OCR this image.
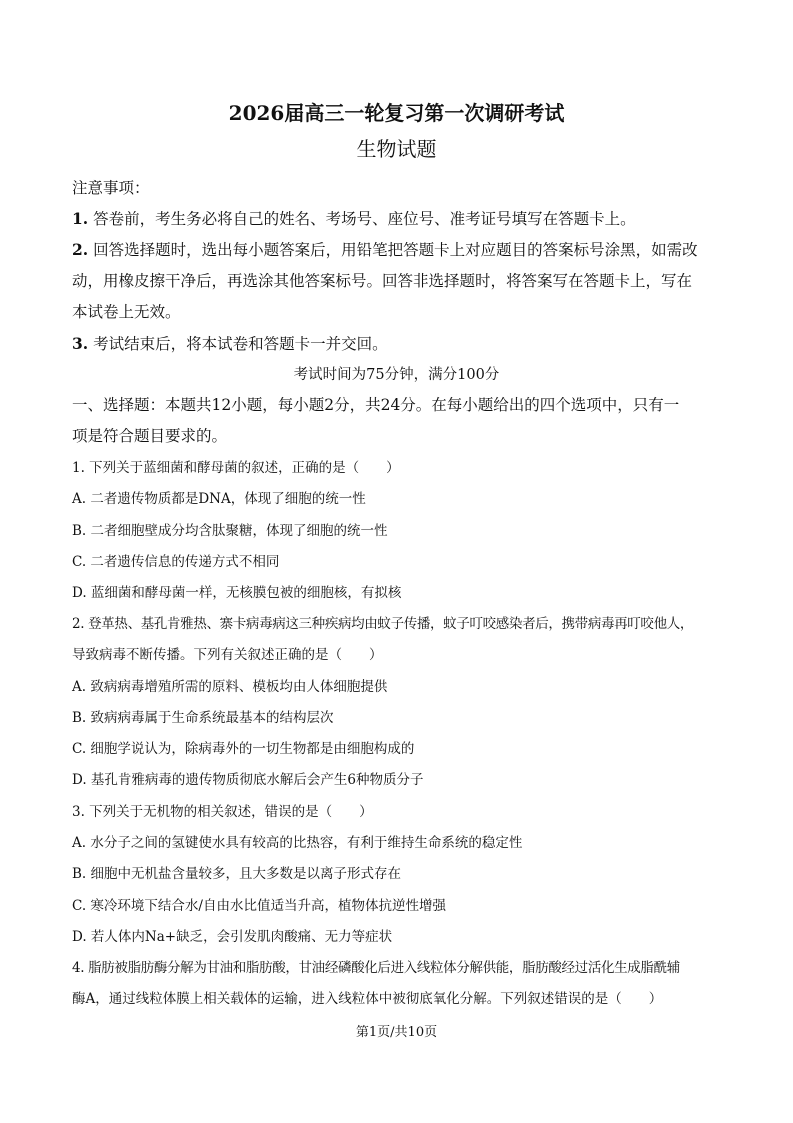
2026届高三一轮复习第一次调研考试
生物试题
注意事项：
1. 答卷前，考生务必将自己的姓名、考场号、座位号、准考证号填写在答题卡上。
2. 回答选择题时，选出每小题答案后，用铅笔把答题卡上对应题目的答案标号涂黑，如需改
动，用橡皮擦干净后，再选涂其他答案标号。回答非选择题时，将答案写在答题卡上，写在
本试卷上无效。
3. 考试结束后，将本试卷和答题卡一并交回。
考试时间为75分钟，满分100分
一、选择题：本题共12小题，每小题2分，共24分。在每小题给出的四个选项中，只有一
项是符合题目要求的。
1. 下列关于蓝细菌和酵母菌的叙述，正确的是（　　）
A. 二者遗传物质都是DNA，体现了细胞的统一性
B. 二者细胞壁成分均含肽聚糖，体现了细胞的统一性
C. 二者遗传信息的传递方式不相同
D. 蓝细菌和酵母菌一样，无核膜包被的细胞核，有拟核
2. 登革热、基孔肯雅热、寨卡病毒病这三种疾病均由蚊子传播，蚊子叮咬感染者后，携带病毒再叮咬他人，
导致病毒不断传播。下列有关叙述正确的是（　　）
A. 致病病毒增殖所需的原料、模板均由人体细胞提供
B. 致病病毒属于生命系统最基本的结构层次
C. 细胞学说认为，除病毒外的一切生物都是由细胞构成的
D. 基孔肯雅病毒的遗传物质彻底水解后会产生6种物质分子
3. 下列关于无机物的相关叙述，错误的是（　　）
A. 水分子之间的氢键使水具有较高的比热容，有利于维持生命系统的稳定性
B. 细胞中无机盐含量较多，且大多数是以离子形式存在
C. 寒冷环境下结合水/自由水比值适当升高，植物体抗逆性增强
D. 若人体内Na+缺乏，会引发肌肉酸痛、无力等症状
4. 脂肪被脂肪酶分解为甘油和脂肪酸，甘油经磷酸化后进入线粒体分解供能，脂肪酸经过活化生成脂酰辅
酶A，通过线粒体膜上相关载体的运输，进入线粒体中被彻底氧化分解。下列叙述错误的是（　　）
第1页/共10页
